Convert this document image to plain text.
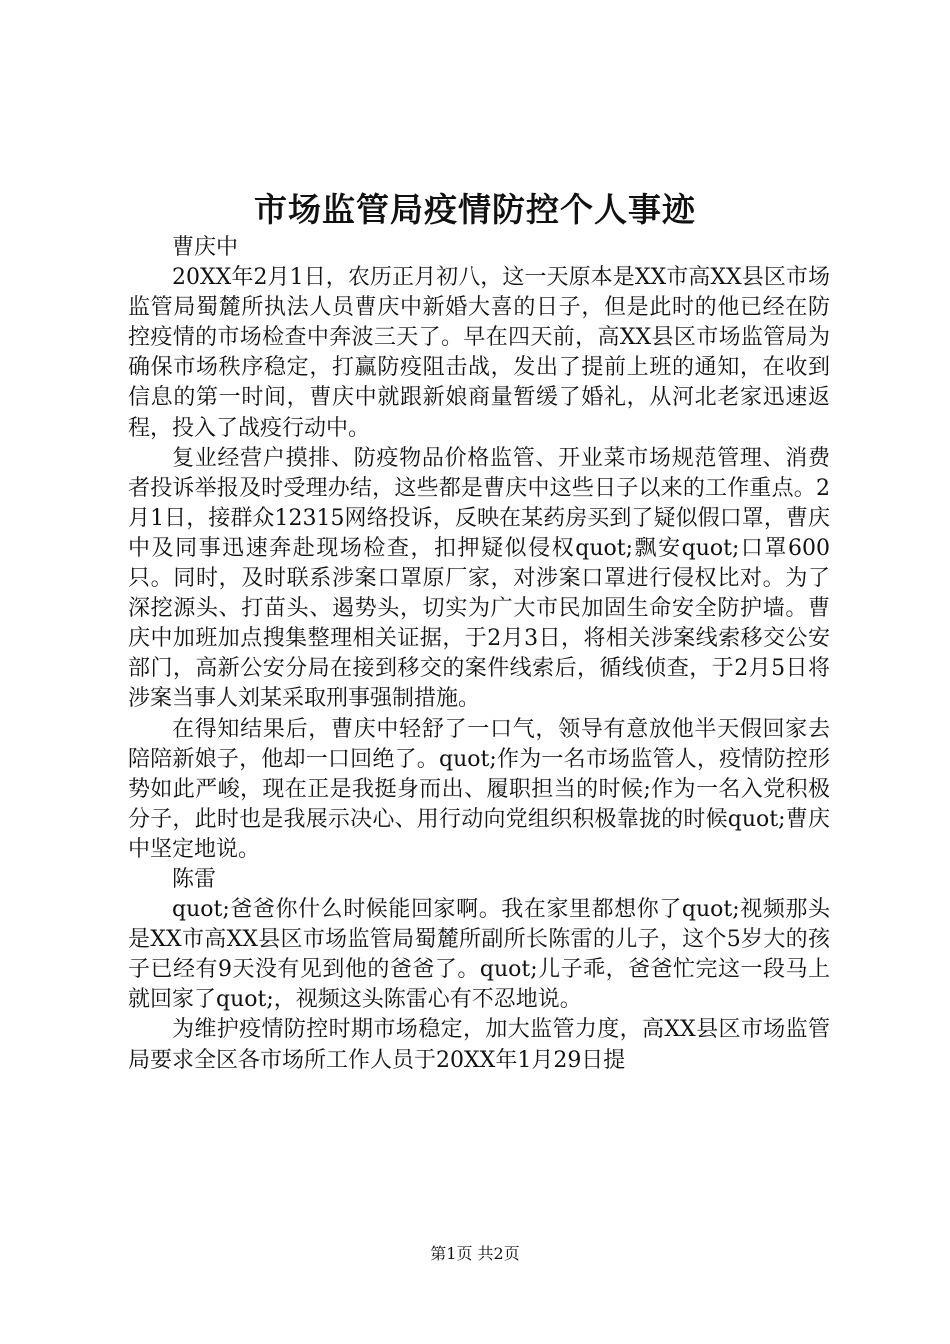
市场监管局疫情防控个人事迹

曹庆中

20XX年2月1日，农历正月初八，这一天原本是XX市高XX县区市场监管局蜀麓所执法人员曹庆中新婚大喜的日子，但是此时的他已经在防控疫情的市场检查中奔波三天了。早在四天前，高XX县区市场监管局为确保市场秩序稳定，打赢防疫阻击战，发出了提前上班的通知，在收到信息的第一时间，曹庆中就跟新娘商量暂缓了婚礼，从河北老家迅速返程，投入了战疫行动中。

复业经营户摸排、防疫物品价格监管、开业菜市场规范管理、消费者投诉举报及时受理办结，这些都是曹庆中这些日子以来的工作重点。2月1日，接群众12315网络投诉，反映在某药房买到了疑似假口罩，曹庆中及同事迅速奔赴现场检查，扣押疑似侵权quot;飘安quot;口罩600只。同时，及时联系涉案口罩原厂家，对涉案口罩进行侵权比对。为了深挖源头、打苗头、遏势头，切实为广大市民加固生命安全防护墙。曹庆中加班加点搜集整理相关证据，于2月3日，将相关涉案线索移交公安部门，高新公安分局在接到移交的案件线索后，循线侦查，于2月5日将涉案当事人刘某采取刑事强制措施。

在得知结果后，曹庆中轻舒了一口气，领导有意放他半天假回家去陪陪新娘子，他却一口回绝了。quot;作为一名市场监管人，疫情防控形势如此严峻，现在正是我挺身而出、履职担当的时候;作为一名入党积极分子，此时也是我展示决心、用行动向党组织积极靠拢的时候quot;曹庆中坚定地说。

陈雷

quot;爸爸你什么时候能回家啊。我在家里都想你了quot;视频那头是XX市高XX县区市场监管局蜀麓所副所长陈雷的儿子，这个5岁大的孩子已经有9天没有见到他的爸爸了。quot;儿子乖，爸爸忙完这一段马上就回家了quot;，视频这头陈雷心有不忍地说。

为维护疫情防控时期市场稳定，加大监管力度，高XX县区市场监管局要求全区各市场所工作人员于20XX年1月29日提

第1页 共2页
